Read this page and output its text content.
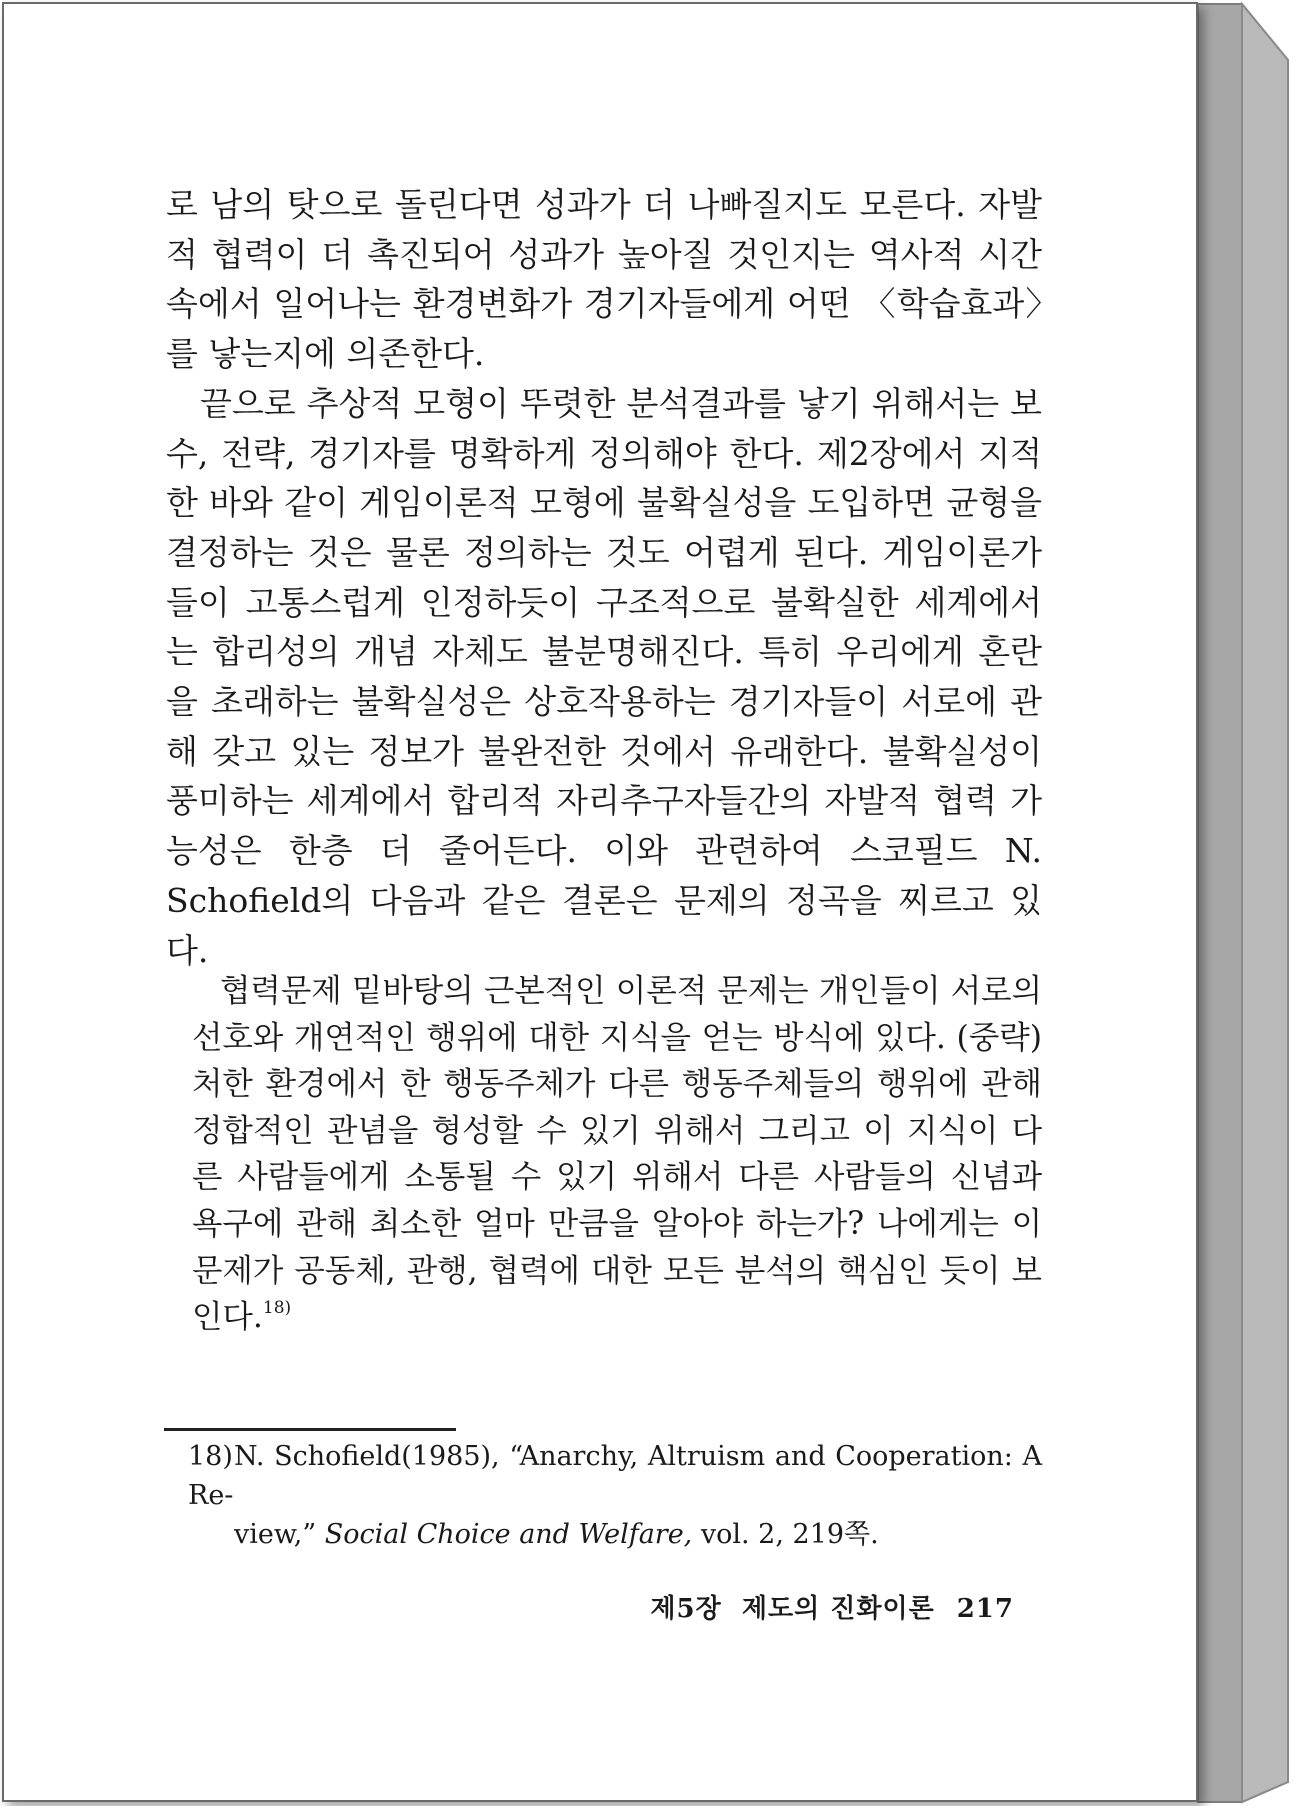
로 남의 탓으로 돌린다면 성과가 더 나빠질지도 모른다. 자발적 협력이 더 촉진되어 성과가 높아질 것인지는 역사적 시간 속에서 일어나는 환경변화가 경기자들에게 어떤 〈학습효과〉를 낳는지에 의존한다.

끝으로 추상적 모형이 뚜렷한 분석결과를 낳기 위해서는 보수, 전략, 경기자를 명확하게 정의해야 한다. 제2장에서 지적한 바와 같이 게임이론적 모형에 불확실성을 도입하면 균형을 결정하는 것은 물론 정의하는 것도 어렵게 된다. 게임이론가들이 고통스럽게 인정하듯이 구조적으로 불확실한 세계에서는 합리성의 개념 자체도 불분명해진다. 특히 우리에게 혼란을 초래하는 불확실성은 상호작용하는 경기자들이 서로에 관해 갖고 있는 정보가 불완전한 것에서 유래한다. 불확실성이 풍미하는 세계에서 합리적 자리추구자들간의 자발적 협력 가능성은 한층 더 줄어든다. 이와 관련하여 스코필드 N. Schofield의 다음과 같은 결론은 문제의 정곡을 찌르고 있다.

협력문제 밑바탕의 근본적인 이론적 문제는 개인들이 서로의 선호와 개연적인 행위에 대한 지식을 얻는 방식에 있다. (중략) 처한 환경에서 한 행동주체가 다른 행동주체들의 행위에 관해 정합적인 관념을 형성할 수 있기 위해서 그리고 이 지식이 다른 사람들에게 소통될 수 있기 위해서 다른 사람들의 신념과 욕구에 관해 최소한 얼마 만큼을 알아야 하는가? 나에게는 이 문제가 공동체, 관행, 협력에 대한 모든 분석의 핵심인 듯이 보인다.$^{18)}$

18)N. Schofield(1985), “Anarchy, Altruism and Cooperation: A Re-
view,” Social Choice and Welfare, vol. 2, 219쪽.

제5장  제도의 진화이론 217
